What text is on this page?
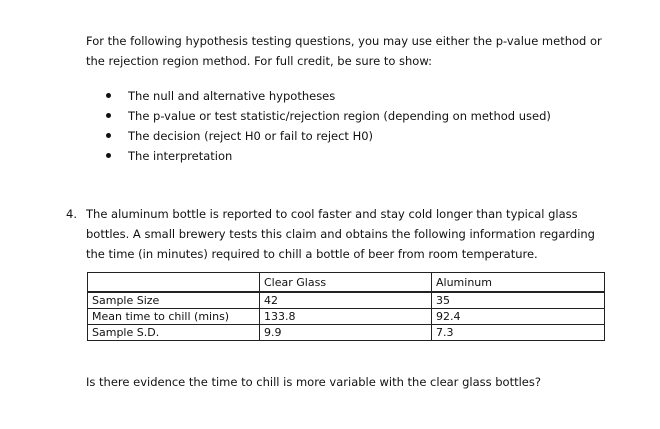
For the following hypothesis testing questions, you may use either the p-value method or the rejection region method. For full credit, be sure to show:

The null and alternative hypotheses
The p-value or test statistic/rejection region (depending on method used)
The decision (reject H0 or fail to reject H0)
The interpretation
4. The aluminum bottle is reported to cool faster and stay cold longer than typical glass bottles. A small brewery tests this claim and obtains the following information regarding the time (in minutes) required to chill a bottle of beer from room temperature.

	Clear Glass	Aluminum
Sample Size	42	35
Mean time to chill (mins)	133.8	92.4
Sample S.D.	9.9	7.3
Is there evidence the time to chill is more variable with the clear glass bottles?
